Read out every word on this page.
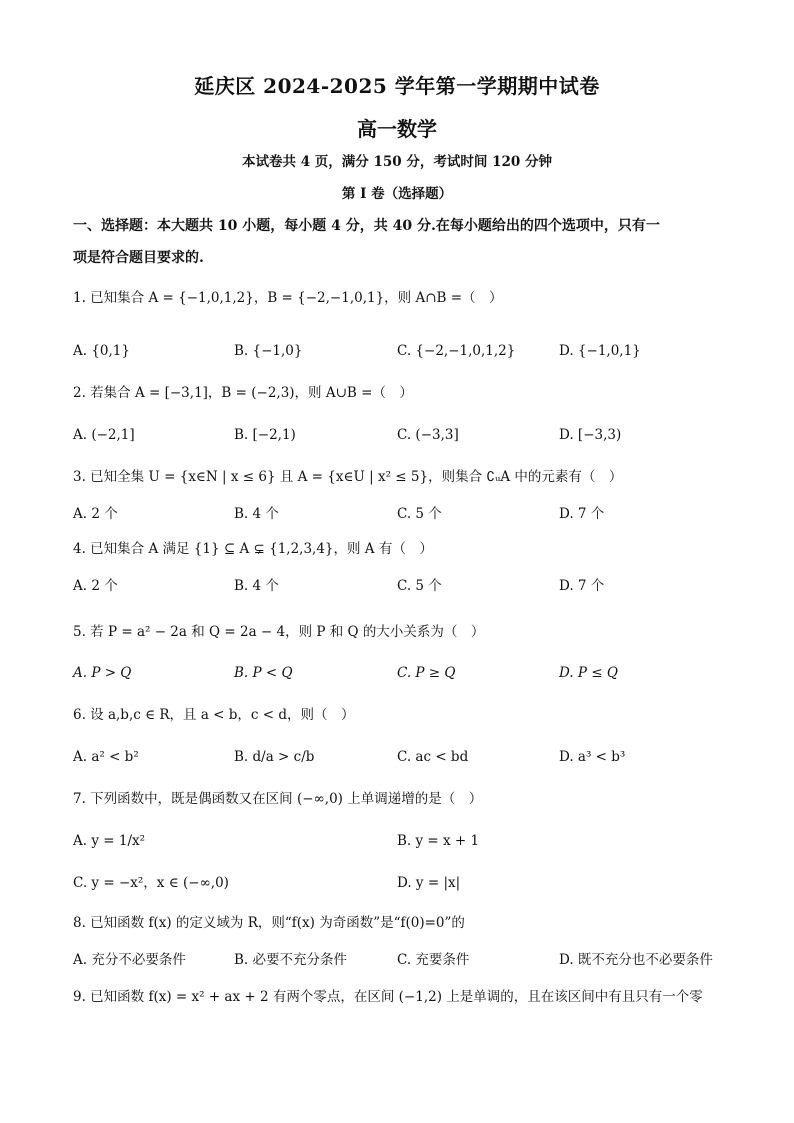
延庆区 2024-2025 学年第一学期期中试卷
高一数学
本试卷共 4 页，满分 150 分，考试时间 120 分钟
第 I 卷（选择题）
一、选择题：本大题共 10 小题，每小题 4 分，共 40 分.在每小题给出的四个选项中，只有一
项是符合题目要求的.
1. 已知集合 A = {−1,0,1,2}，B = {−2,−1,0,1}，则 A∩B =（　）
A. {0,1}	B. {−1,0}	C. {−2,−1,0,1,2}	D. {−1,0,1}
2. 若集合 A = [−3,1]，B = (−2,3)，则 A∪B =（　）
A. (−2,1]	B. [−2,1)	C. (−3,3]	D. [−3,3)
3. 已知全集 U = {x∈N | x ≤ 6} 且 A = {x∈U | x² ≤ 5}，则集合 ∁ᵤA 中的元素有（　）
A. 2 个	B. 4 个	C. 5 个	D. 7 个
4. 已知集合 A 满足 {1} ⊆ A ⊊ {1,2,3,4}，则 A 有（　）
A. 2 个	B. 4 个	C. 5 个	D. 7 个
5. 若 P = a² − 2a 和 Q = 2a − 4，则 P 和 Q 的大小关系为（　）
A. P > Q	B. P < Q	C. P ≥ Q	D. P ≤ Q
6. 设 a,b,c ∈ R，且 a < b，c < d，则（　）
A. a² < b²	B. d/a > c/b	C. ac < bd	D. a³ < b³
7. 下列函数中，既是偶函数又在区间 (−∞,0) 上单调递增的是（　）
A. y = 1/x²	B. y = x + 1
C. y = −x²，x ∈ (−∞,0)	D. y = |x|
8. 已知函数 f(x) 的定义域为 R，则“f(x) 为奇函数”是“f(0)=0”的
A. 充分不必要条件	B. 必要不充分条件	C. 充要条件	D. 既不充分也不必要条件
9. 已知函数 f(x) = x² + ax + 2 有两个零点，在区间 (−1,2) 上是单调的，且在该区间中有且只有一个零
